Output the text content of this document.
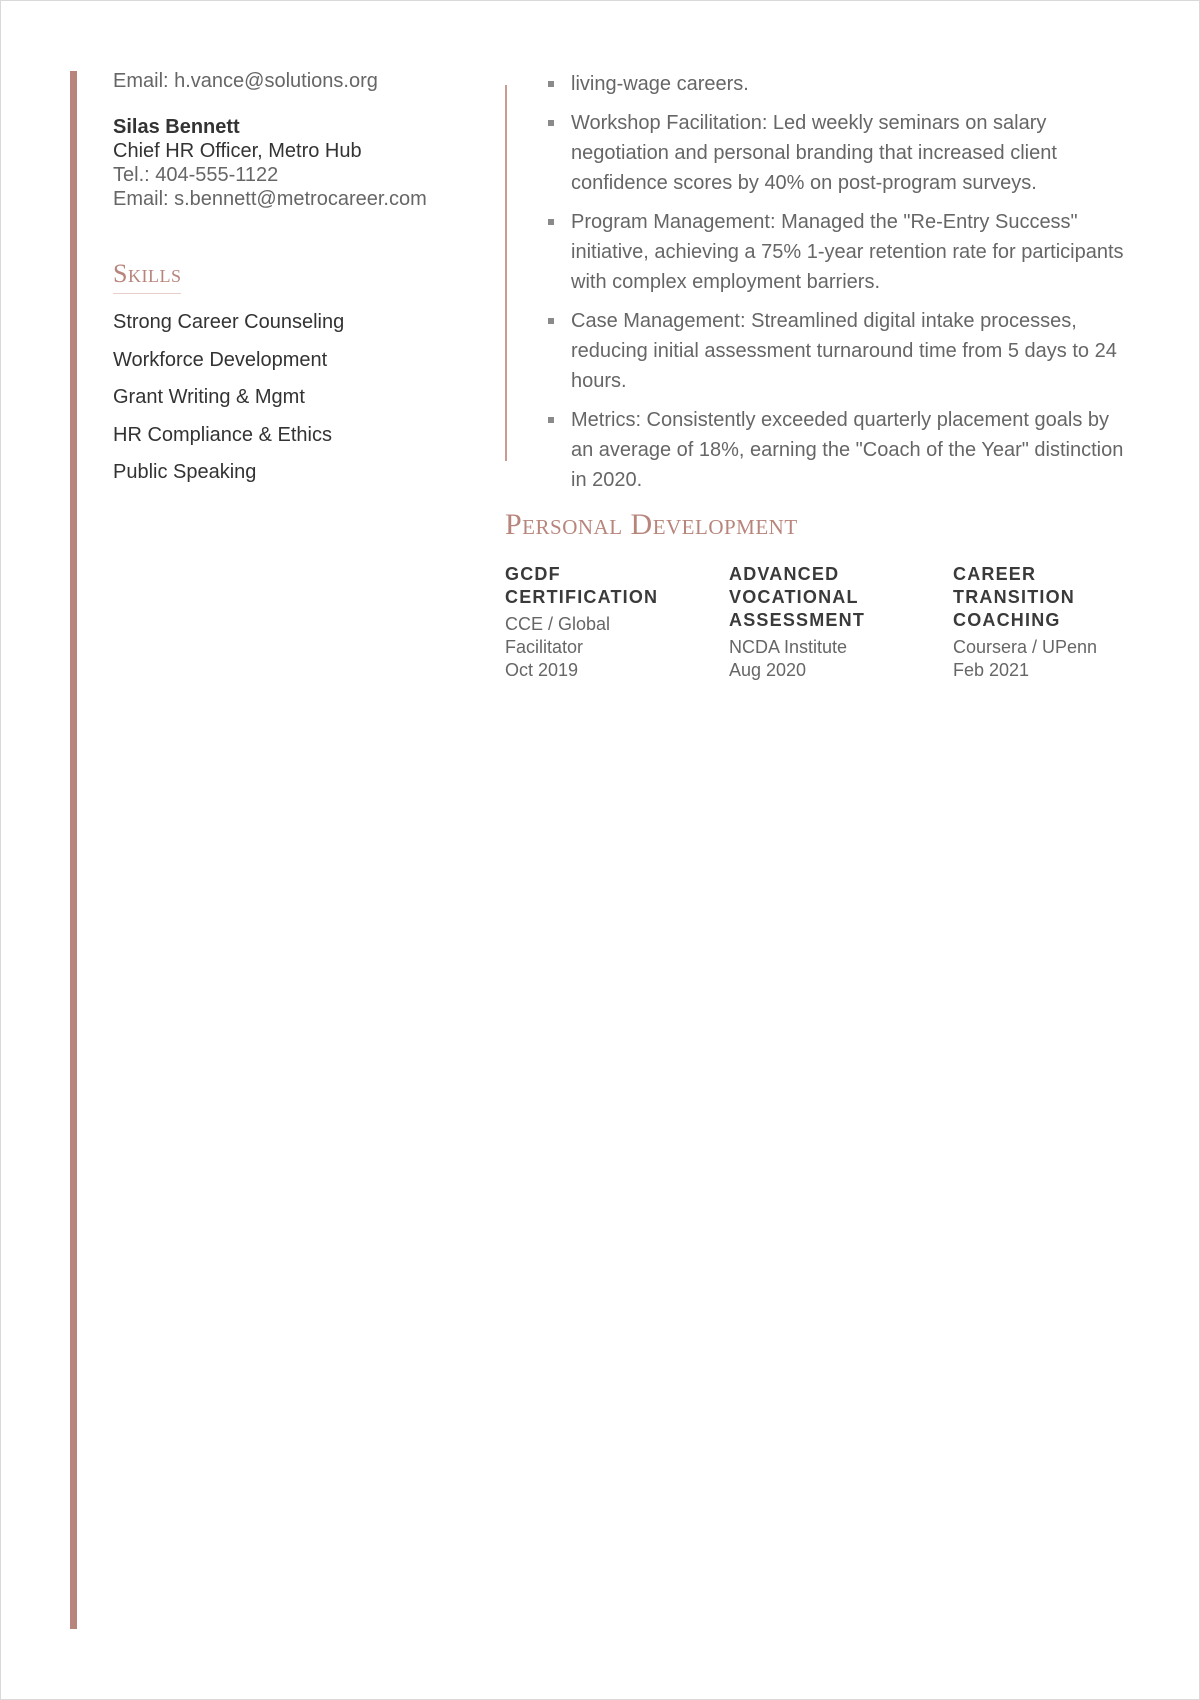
Email: h.vance@solutions.org
Silas Bennett
Chief HR Officer, Metro Hub
Tel.: 404-555-1122
Email: s.bennett@metrocareer.com
Skills
Strong Career Counseling
Workforce Development
Grant Writing & Mgmt
HR Compliance & Ethics
Public Speaking
living-wage careers.
Workshop Facilitation: Led weekly seminars on salary negotiation and personal branding that increased client confidence scores by 40% on post-program surveys.
Program Management: Managed the "Re-Entry Success" initiative, achieving a 75% 1-year retention rate for participants with complex employment barriers.
Case Management: Streamlined digital intake processes, reducing initial assessment turnaround time from 5 days to 24 hours.
Metrics: Consistently exceeded quarterly placement goals by an average of 18%, earning the "Coach of the Year" distinction in 2020.
Personal Development
GCDF CERTIFICATION
CCE / Global Facilitator
Oct 2019
ADVANCED VOCATIONAL ASSESSMENT
NCDA Institute
Aug 2020
CAREER TRANSITION COACHING
Coursera / UPenn
Feb 2021
